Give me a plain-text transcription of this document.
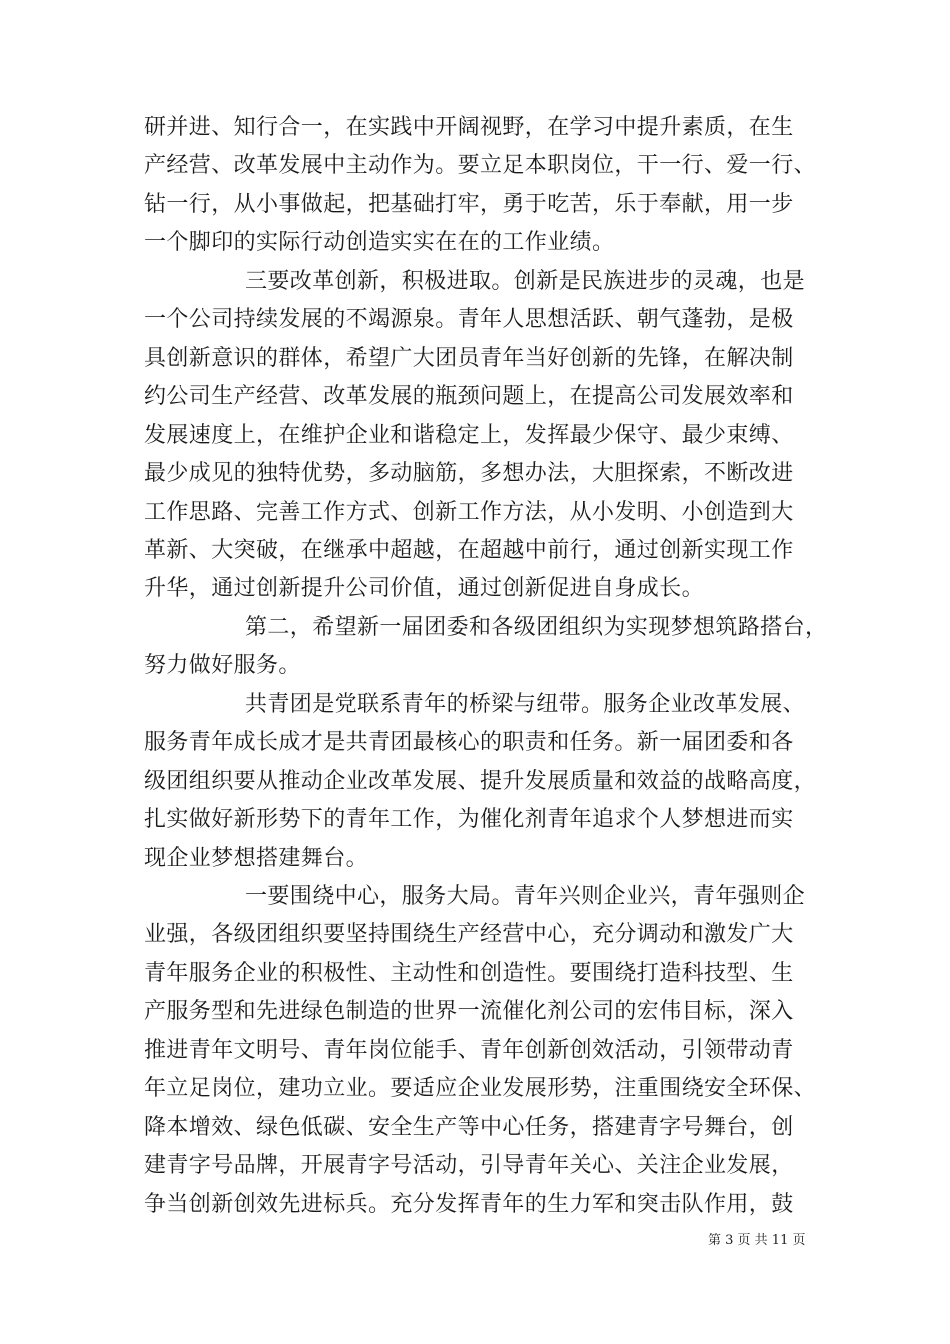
研并进、知行合一，在实践中开阔视野，在学习中提升素质，在生
产经营、改革发展中主动作为。要立足本职岗位，干一行、爱一行、
钻一行，从小事做起，把基础打牢，勇于吃苦，乐于奉献，用一步
一个脚印的实际行动创造实实在在的工作业绩。
三要改革创新，积极进取。创新是民族进步的灵魂，也是
一个公司持续发展的不竭源泉。青年人思想活跃、朝气蓬勃，是极
具创新意识的群体，希望广大团员青年当好创新的先锋，在解决制
约公司生产经营、改革发展的瓶颈问题上，在提高公司发展效率和
发展速度上，在维护企业和谐稳定上，发挥最少保守、最少束缚、
最少成见的独特优势，多动脑筋，多想办法，大胆探索，不断改进
工作思路、完善工作方式、创新工作方法，从小发明、小创造到大
革新、大突破，在继承中超越，在超越中前行，通过创新实现工作
升华，通过创新提升公司价值，通过创新促进自身成长。
第二，希望新一届团委和各级团组织为实现梦想筑路搭台，
努力做好服务。
共青团是党联系青年的桥梁与纽带。服务企业改革发展、
服务青年成长成才是共青团最核心的职责和任务。新一届团委和各
级团组织要从推动企业改革发展、提升发展质量和效益的战略高度，
扎实做好新形势下的青年工作，为催化剂青年追求个人梦想进而实
现企业梦想搭建舞台。
一要围绕中心，服务大局。青年兴则企业兴，青年强则企
业强，各级团组织要坚持围绕生产经营中心，充分调动和激发广大
青年服务企业的积极性、主动性和创造性。要围绕打造科技型、生
产服务型和先进绿色制造的世界一流催化剂公司的宏伟目标，深入
推进青年文明号、青年岗位能手、青年创新创效活动，引领带动青
年立足岗位，建功立业。要适应企业发展形势，注重围绕安全环保、
降本增效、绿色低碳、安全生产等中心任务，搭建青字号舞台，创
建青字号品牌，开展青字号活动，引导青年关心、关注企业发展，
争当创新创效先进标兵。充分发挥青年的生力军和突击队作用，鼓
第 3 页 共 11 页
